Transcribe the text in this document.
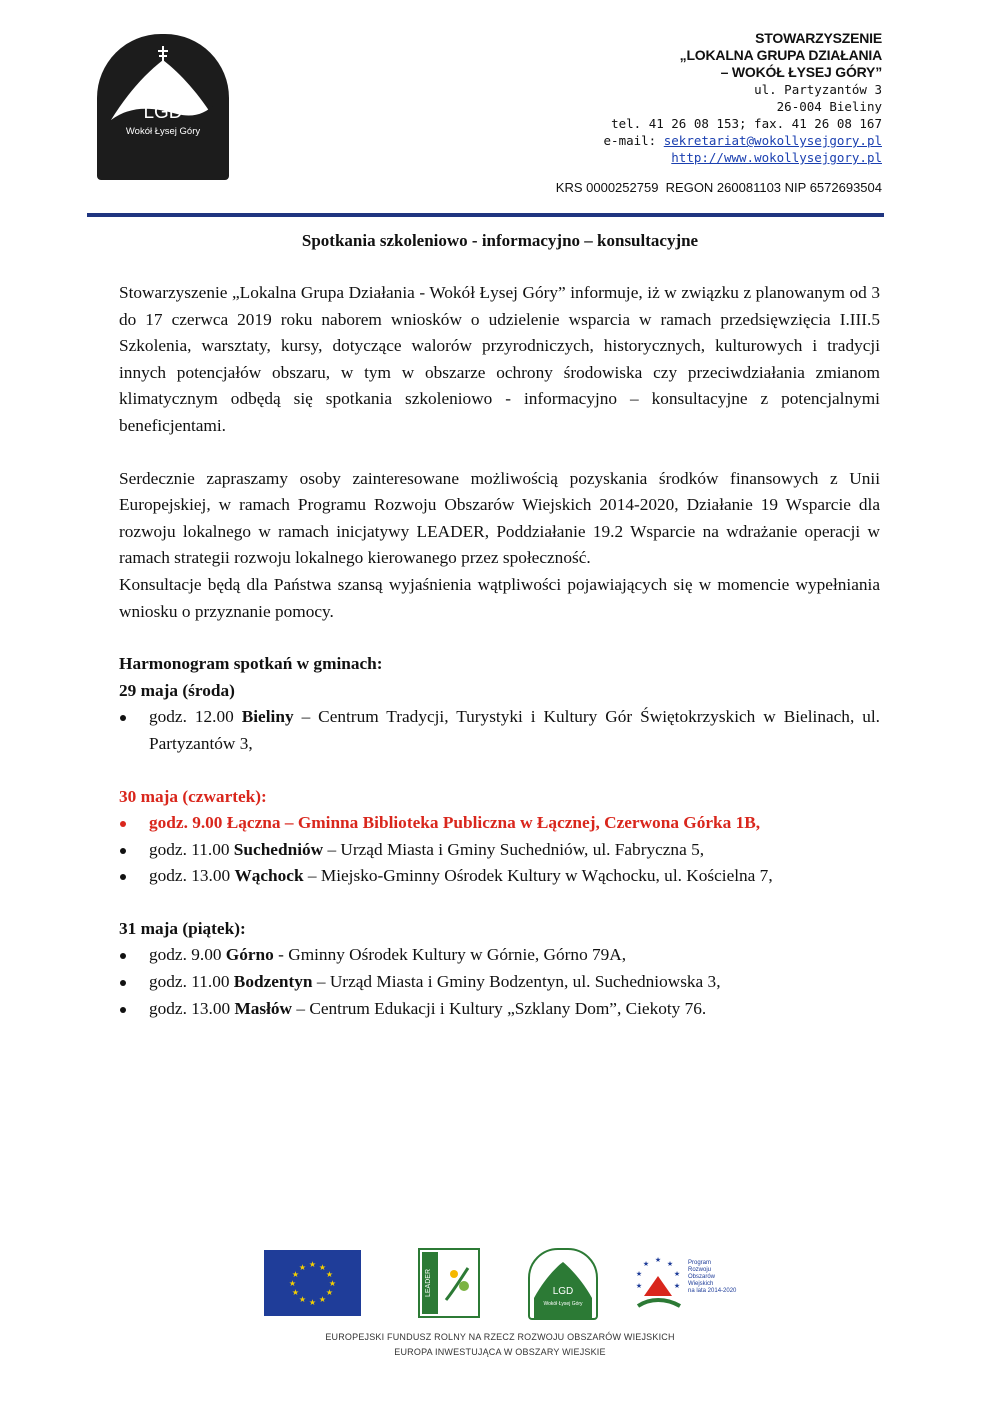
LGD
Wokół Łysej Góry
STOWARZYSZENIE
„LOKALNA GRUPA DZIAŁANIA
– WOKÓŁ ŁYSEJ GÓRY”
ul. Partyzantów 3
26-004 Bieliny
tel. 41 26 08 153; fax. 41 26 08 167
e-mail: sekretariat@wokollysejgory.pl
http://www.wokollysejgory.pl
KRS 0000252759  REGON 260081103 NIP 6572693504
Spotkania szkoleniowo - informacyjno – konsultacyjne

Stowarzyszenie „Lokalna Grupa Działania - Wokół Łysej Góry” informuje, iż w związku z planowanym od 3 do 17 czerwca 2019 roku naborem wniosków o udzielenie wsparcia w ramach przedsięwzięcia I.III.5 Szkolenia, warsztaty, kursy, dotyczące walorów przyrodniczych, historycznych, kulturowych i tradycji innych potencjałów obszaru, w tym w obszarze ochrony środowiska czy przeciwdziałania zmianom klimatycznym odbędą się spotkania szkoleniowo - informacyjno – konsultacyjne z potencjalnymi beneficjentami.

Serdecznie zapraszamy osoby zainteresowane możliwością pozyskania środków finansowych z Unii Europejskiej, w ramach Programu Rozwoju Obszarów Wiejskich 2014-2020, Działanie 19 Wsparcie dla rozwoju lokalnego w ramach inicjatywy LEADER, Poddziałanie 19.2 Wsparcie na wdrażanie operacji w ramach strategii rozwoju lokalnego kierowanego przez społeczność.

Konsultacje będą dla Państwa szansą wyjaśnienia wątpliwości pojawiających się w momencie wypełniania wniosku o przyznanie pomocy.

Harmonogram spotkań w gminach:

29 maja (środa)

godz. 12.00 Bieliny – Centrum Tradycji, Turystyki i Kultury Gór Świętokrzyskich w Bielinach, ul. Partyzantów 3,

30 maja (czwartek):

godz. 9.00 Łączna – Gminna Biblioteka Publiczna w Łącznej, Czerwona Górka 1B,
godz. 11.00 Suchedniów – Urząd Miasta i Gminy Suchedniów, ul. Fabryczna 5,
godz. 13.00 Wąchock – Miejsko-Gminny Ośrodek Kultury w Wąchocku, ul. Kościelna 7,

31 maja (piątek):

godz. 9.00 Górno - Gminny Ośrodek Kultury w Górnie, Górno 79A,
godz. 11.00 Bodzentyn – Urząd Miasta i Gminy Bodzentyn, ul. Suchedniowska 3,
godz. 13.00 Masłów – Centrum Edukacji i Kultury „Szklany Dom”, Ciekoty 76.
★ ★
★
★
★
★
★
★
★
★
★
★
LEADER	LGD
Wokół Łysej Góry
★ ★
★
★
★
★
★
Program
Rozwoju
Obszarów
Wiejskich
na lata 2014-2020
EUROPEJSKI FUNDUSZ ROLNY NA RZECZ ROZWOJU OBSZARÓW WIEJSKICH
EUROPA INWESTUJĄCA W OBSZARY WIEJSKIE
